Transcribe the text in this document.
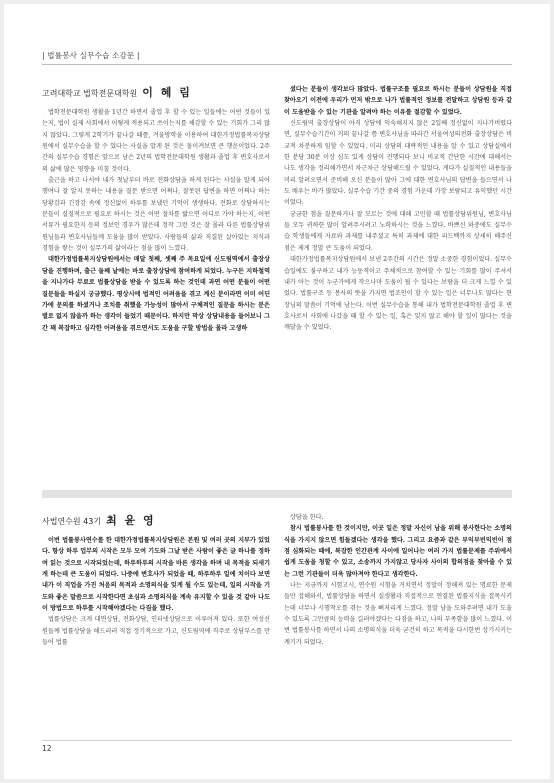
| 법률봉사 실무수습 소감문 |
고려대학교 법학전문대학원 이 혜 림

법학전문대학원 생활을 1년간 하면서 졸업 후 할 수 있는 일들에는 어떤 것들이 있는지, 법이 실제 사회에서 어떻게 적용되고 쓰이는지를 체감할 수 있는 기회가 그리 많지 않았다. 그렇게 2학기가 끝나갈 때쯤, 겨울방학을 이용하여 대한가정법률복지상담원에서 실무수습을 할 수 있다는 사실을 알게 된 것은 돌이켜보면 큰 행운이었다. 2주간의 실무수습 경험은 앞으로 남은 2년의 법학전문대학원 생활과 졸업 후 변호사로서의 삶에 많은 영향을 미칠 것이다.

출근을 하고 나서야 내가 첫날부터 바로 전화상담을 하게 된다는 사실을 알게 되어 행여나 잘 알지 못하는 내용을 질문 받으면 어쩌나, 잘못된 답변을 하면 어쩌나 하는 당황감과 긴장감 속에 정신없이 하루를 보냈던 기억이 생생하다. 전화로 상담하시는 분들이 실질적으로 필요로 하시는 것은 어떤 절차를 밟으면 어디로 가야 하는지, 어떤 서류가 필요한지 등의 정보인 경우가 많은데 정작 그런 것은 잘 몰라 다른 법률상담위원님들과 변호사님들께 도움을 많이 받았다. 사람들의 삶과 직결된 살아있는 지식과 경험을 쌓는 것이 실무가의 삶이라는 점을 많이 느꼈다.

대한가정법률복지상담원에서는 매달 첫째, 셋째 주 목요일에 신도림역에서 출장상담을 진행하며, 출근 둘째 날에는 바로 출장상담에 참여하게 되었다. 누구든 지하철역을 지나가다 무료로 법률상담을 받을 수 있도록 하는 것인데 과연 어떤 분들이 어떤 질문들을 하실지 궁금했다. 평상시에 법적인 어려움을 겪고 계신 분이라면 이미 어딘가에 문의를 하셨거나 조치를 취했을 가능성이 많아서 구체적인 질문을 하시는 분은 별로 없지 않을까 하는 생각이 들었기 때문이다. 하지만 막상 상담내용을 들어보니 그간 꽤 복잡하고 심각한 어려움을 겪으면서도 도움을 구할 방법을 몰라 고생하

셨다는 분들이 생각보다 많았다. 법률구조를 필요로 하시는 분들이 상담원을 직접 찾아오기 이전에 우리가 먼저 밖으로 나가 법률적인 정보를 전달하고 상담원 등과 같이 도움받을 수 있는 기관을 알려야 하는 이유를 절감할 수 있었다.

신도림역 출장상담이 아직 상담에 익숙해지지 않은 2일째 정신없이 지나가버렸다면, 실무수습기간이 거의 끝나갈 쯤 변호사님을 따라간 서울여성의전화 출장상담은 비교적 차분하게 임할 수 있었다. 미리 상담의 대략적인 내용을 알 수 있고 상담실에서 한 분당 30분 이상 심도 있게 상담이 진행되다 보니 비교적 간단한 시간에 대해서는 나도 생각을 정리해가면서 차근차근 상담해드릴 수 있었다. 게다가 실질적인 내용들을 미리 알려오면서 준비해 오신 분들이 많아 그에 대한 변호사님의 답변을 들으면서 나도 배우는 바가 많았다. 실무수습 기간 중의 경험 가운데 가장 보람되고 유익했던 시간이었다.

궁금한 점을 질문하거나 잘 모르는 것에 대해 고민할 때 법률상담위원님, 변호사님들 모두 귀하한 많이 알려주시려고 노력하시는 것을 느꼈다. 바쁘신 와중에도 실무수습 학생들에게 자료와 과제를 내주셨고 특히 과제에 대한 피드백까지 상세히 해주신 점은 제게 정말 큰 도움이 되었다.

대한가정법률복지상담원에서 보낸 2주간의 시간은 정말 소중한 경험이었다. 실무수습일에도 불구하고 내가 능동적이고 주체적으로 참여할 수 있는 기회를 많이 주셔서 내가 아는 것이 누군가에게 작으나마 도움이 될 수 있다는 보람을 더 크게 느낄 수 있었다. 법률구조 등 봉사의 뜻을 가지면 법조인이 할 수 있는 일은 너무나도 많다는 현장님의 말씀이 기억에 남는다. 이번 실무수습을 통해 내가 법학전문대학원 졸업 후 변호사로서 사회에 나갔을 때 할 수 있는 일, 혹은 잊지 않고 해야 할 일이 많다는 것을 깨달을 수 있었다.

사법연수원 43기 최 윤 영

이번 법률봉사연수를 한 대한가정법률복지상담원은 본원 및 여러 곳의 지부가 있었다. 항상 하루 업무의 시작은 모두 모여 기도와 그날 받은 사람이 좋은 글 하나를 정하여 읽는 것으로 시작되었는데, 하루하루의 시작을 바른 생각을 하며 내 목적을 되새기게 하는데 큰 도움이 되었다. 나중에 변호사가 되었을 때, 하루하루 일에 치이다 보면 내가 이 직업을 가진 처음의 목적과 소명의식을 잊게 될 수도 있는데, 일의 시작을 기도와 좋은 말씀으로 시작한다면 초심과 소명의식을 계속 유지할 수 있을 것 같아 나도 이 방법으로 하루를 시작해야겠다는 다짐을 했다.

법률상담은 크게 대면상담, 전화상담, 인터넷상담으로 이루어져 있다. 또한 여성선원들께 법률상담을 해드리러 직접 정기적으로 가고, 신도림역에 직주로 상담부스를 만들어 법률

상담을 한다.

참시 법률봉사를 한 것이지만, 이곳 일은 정말 자신이 남을 위해 봉사한다는 소명의식을 가지지 않으면 힘들겠다는 생각을 했다. 그리고 요즘과 같은 부익부빈익빈이 점점 심화되는 때에, 복잡한 인간관계 사이에 일어나는 여러 가지 법률문제를 주위에서 쉽게 도움을 청할 수 있고, 소송까지 가지않고 당사자 사이의 합의점을 찾아줄 수 있는 그런 기관들이 더욱 많아져야 한다고 생각한다.

나는 지금까지 시험고시, 연수원 시험을 거치면서 정말이 정해져 있는 명료한 문제들만 접해와서, 법률상담을 하면서 실생활과 직접적으로 연결된 법률지식을 접목시키는데 너무나 시행착오를 겪는 것을 뼈저리게 느꼈다. 정말 남을 도와주려면 내가 도울 수 있도록 그만큼의 능력을 길러야겠다는 다짐을 하고, 나의 부족함을 많이 느꼈다. 이번 법률봉사를 하면서 나의 소명의식을 더욱 굳건히 하고 목적을 다시한번 상기시키는 계기가 되었다.

12
